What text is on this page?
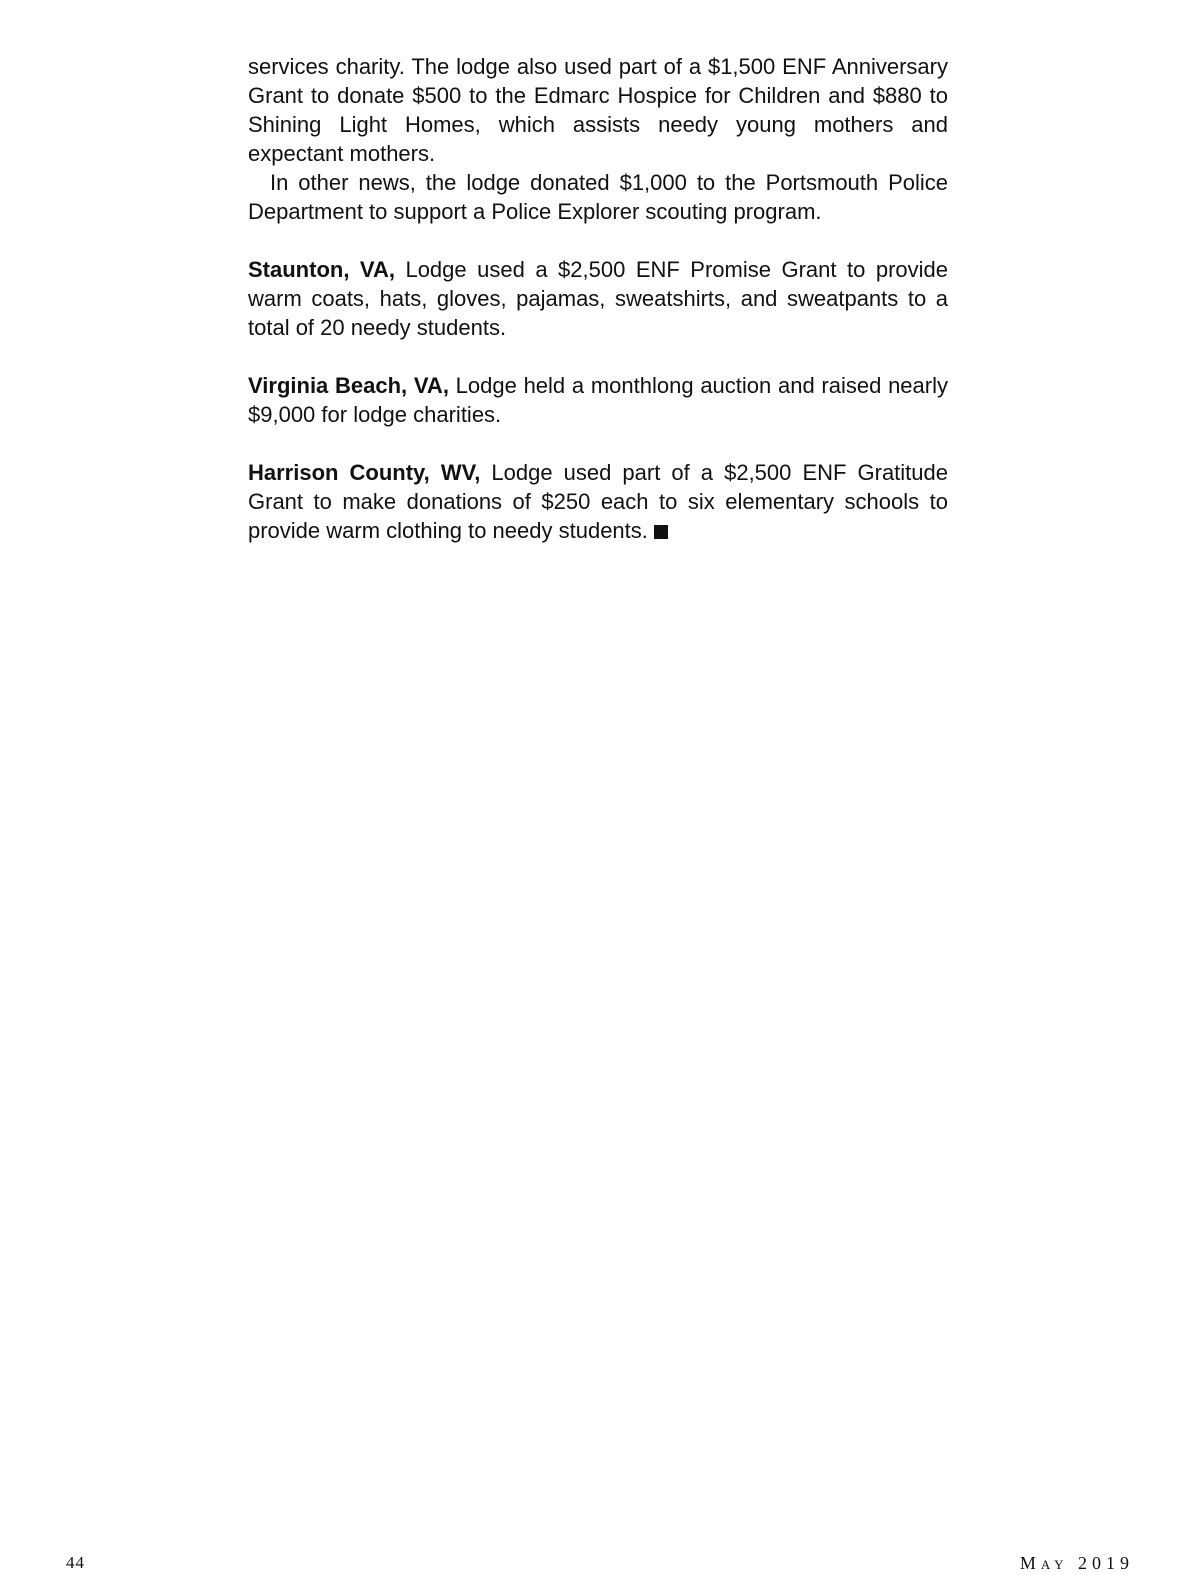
services charity. The lodge also used part of a $1,500 ENF Anniversary Grant to donate $500 to the Edmarc Hospice for Children and $880 to Shining Light Homes, which assists needy young mothers and expectant mothers.

In other news, the lodge donated $1,000 to the Portsmouth Police Department to support a Police Explorer scouting program.

Staunton, VA, Lodge used a $2,500 ENF Promise Grant to provide warm coats, hats, gloves, pajamas, sweatshirts, and sweatpants to a total of 20 needy students.

Virginia Beach, VA, Lodge held a monthlong auction and raised nearly $9,000 for lodge charities.

Harrison County, WV, Lodge used part of a $2,500 ENF Gratitude Grant to make donations of $250 each to six elementary schools to provide warm clothing to needy students.

44	May 2019
